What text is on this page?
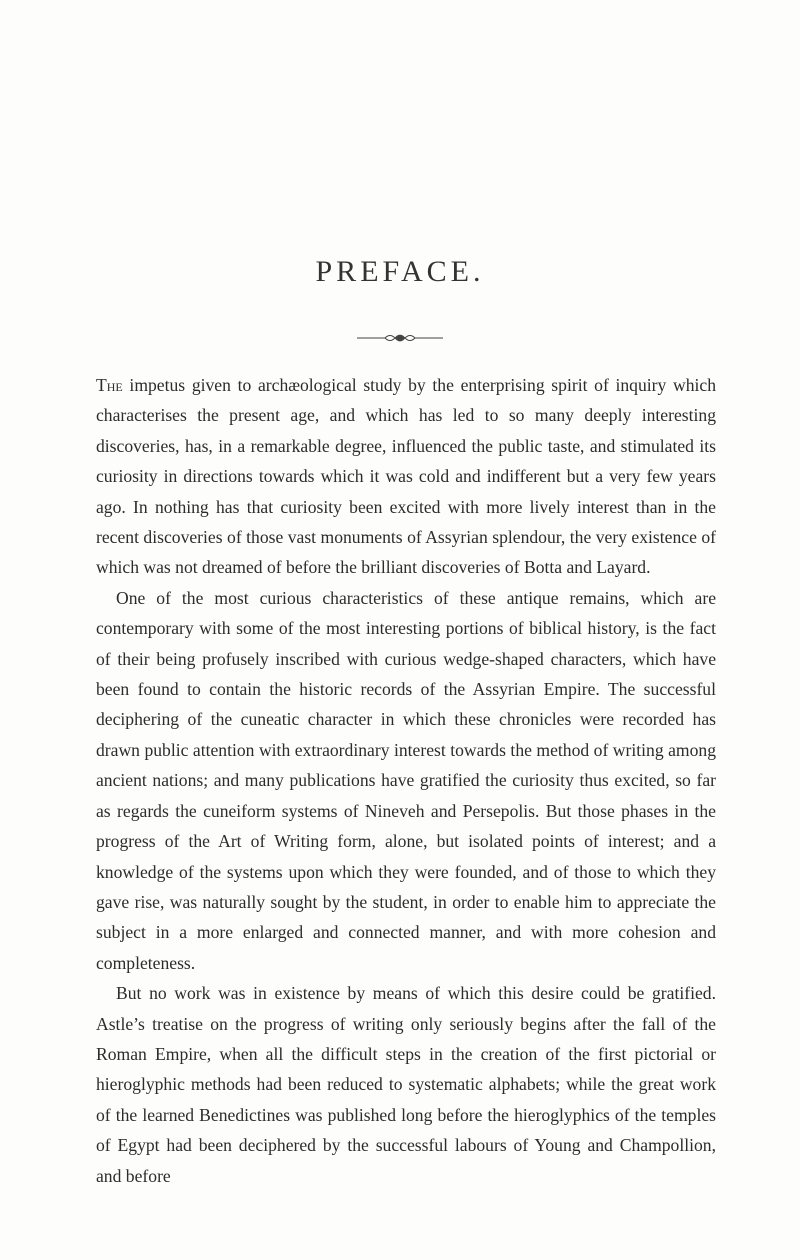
PREFACE.

The impetus given to archæological study by the enterprising spirit of inquiry which characterises the present age, and which has led to so many deeply interesting discoveries, has, in a remarkable degree, influenced the public taste, and stimulated its curiosity in directions towards which it was cold and indifferent but a very few years ago. In nothing has that curiosity been excited with more lively interest than in the recent discoveries of those vast monuments of Assyrian splendour, the very existence of which was not dreamed of before the brilliant discoveries of Botta and Layard.

One of the most curious characteristics of these antique remains, which are contemporary with some of the most interesting portions of biblical history, is the fact of their being profusely inscribed with curious wedge-shaped characters, which have been found to contain the historic records of the Assyrian Empire. The successful deciphering of the cuneatic character in which these chronicles were recorded has drawn public attention with extraordinary interest towards the method of writing among ancient nations; and many publications have gratified the curiosity thus excited, so far as regards the cuneiform systems of Nineveh and Persepolis. But those phases in the progress of the Art of Writing form, alone, but isolated points of interest; and a knowledge of the systems upon which they were founded, and of those to which they gave rise, was naturally sought by the student, in order to enable him to appreciate the subject in a more enlarged and connected manner, and with more cohesion and completeness.

But no work was in existence by means of which this desire could be gratified. Astle’s treatise on the progress of writing only seriously begins after the fall of the Roman Empire, when all the difficult steps in the creation of the first pictorial or hieroglyphic methods had been reduced to systematic alphabets; while the great work of the learned Benedictines was published long before the hieroglyphics of the temples of Egypt had been deciphered by the successful labours of Young and Champollion, and before
